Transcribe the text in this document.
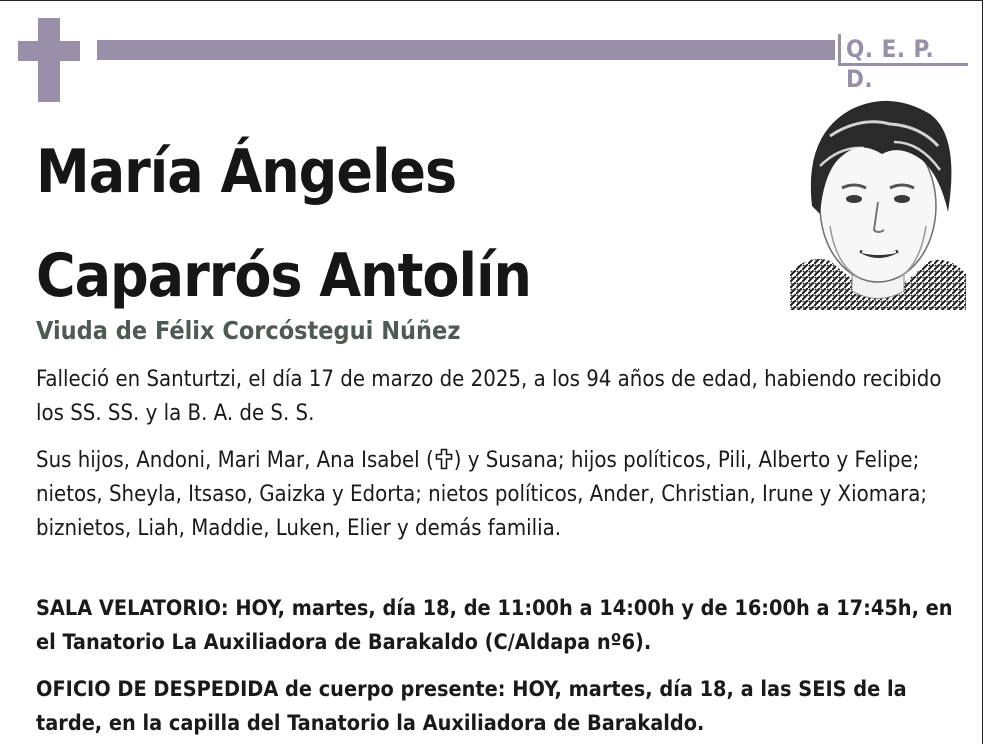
Q. E. P. D.
María Ángeles
Caparrós Antolín
Viuda de Félix Corcóstegui Núñez
Falleció en Santurtzi, el día 17 de marzo de 2025, a los 94 años de edad, habiendo recibido los SS. SS. y la B. A. de S. S.
Sus hijos, Andoni, Mari Mar, Ana Isabel ( ) y Susana; hijos políticos, Pili, Alberto y Felipe; nietos, Sheyla, Itsaso, Gaizka y Edorta; nietos políticos, Ander, Christian, Irune y Xiomara; biznietos, Liah, Maddie, Luken, Elier y demás familia.
SALA VELATORIO: HOY, martes, día 18, de 11:00h a 14:00h y de 16:00h a 17:45h, en el Tanatorio La Auxiliadora de Barakaldo (C/Aldapa nº6).
OFICIO DE DESPEDIDA de cuerpo presente: HOY, martes, día 18, a las SEIS de la tarde, en la capilla del Tanatorio la Auxiliadora de Barakaldo.
